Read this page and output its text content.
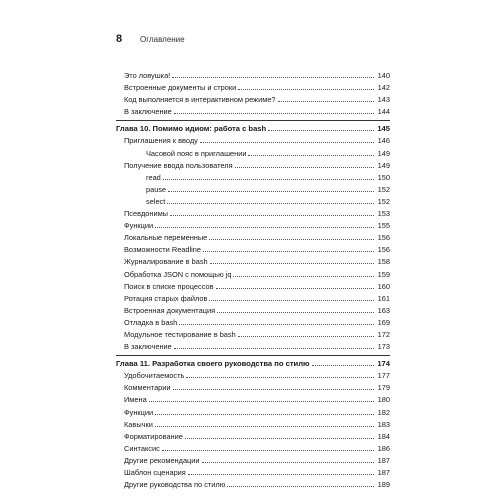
8	Оглавление
Это ловушка!	140
Встроенные документы и строки	142
Код выполняется в интерактивном режиме?	143
В заключение	144
Глава 10. Помимо идиом: работа с bash	145
Приглашения к вводу	146
Часовой пояс в приглашении	149
Получение ввода пользователя	149
read	150
pause	152
select	152
Псевдонимы	153
Функции	155
Локальные переменные	156
Возможности Readline	156
Журналирование в bash	158
Обработка JSON с помощью jq	159
Поиск в списке процессов	160
Ротация старых файлов	161
Встроенная документация	163
Отладка в bash	169
Модульное тестирование в bash	172
В заключение	173
Глава 11. Разработка своего руководства по стилю	174
Удобочитаемость	177
Комментарии	179
Имена	180
Функции	182
Кавычки	183
Форматирование	184
Синтаксис	186
Другие рекомендации	187
Шаблон сценария	187
Другие руководства по стилю	189
